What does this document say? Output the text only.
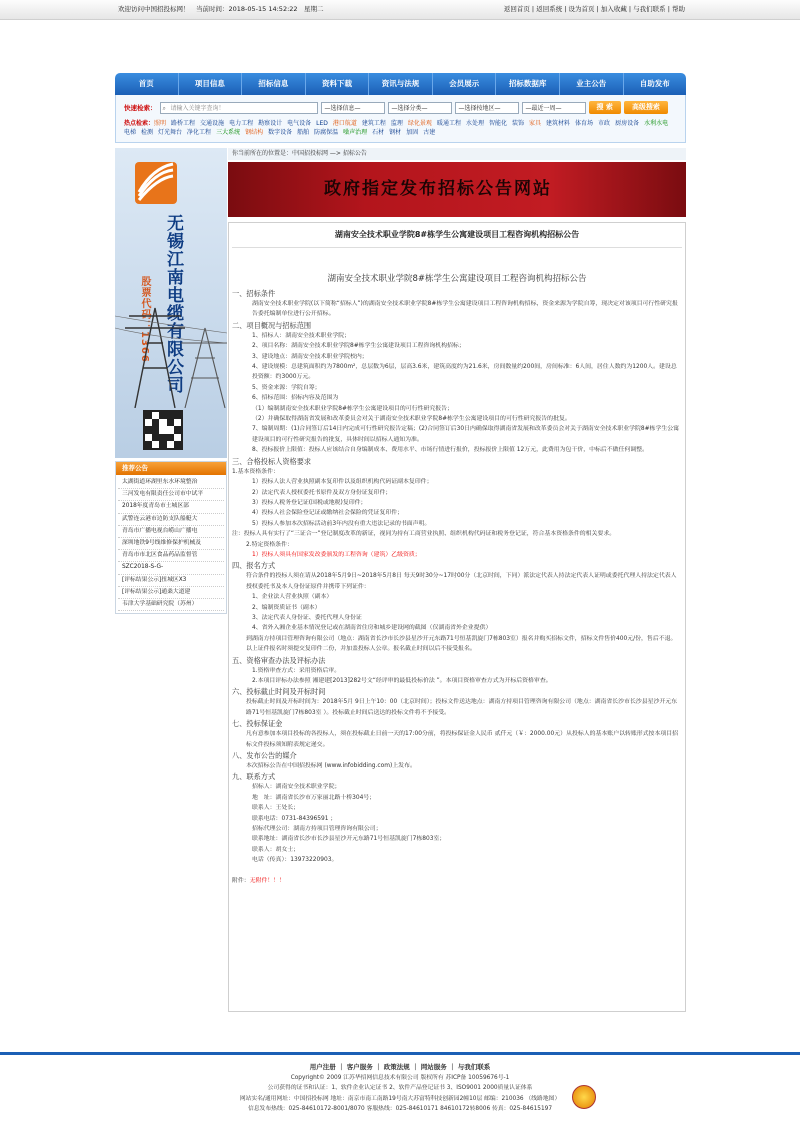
欢迎访问中国招投标网！　 当前时间：2018-05-15 14:52:22　 星期二	返回首页 | 返回系统 | 设为首页 | 加入收藏 | 与我们联系 | 帮助
首页	项目信息	招标信息	资料下载	资讯与法规	会员展示	招标数据库	业主公告	自助发布
快速检索： ⌕ 请输入关键字查询！	—选择信息—	—选择分类—	—选择按地区—	—最近一周—	搜 索	高级搜索
热点检索：照明 路桥工程 交通设施 电力工程 勘察设计 电气设备 LED 港口航道 建筑工程 监理 绿化景观 暖通工程 水处理 智能化 装饰 家具 建筑材料 体育场 市政 厨房设备 水利水电电梯 检测 灯光舞台 净化工程 三大系统 钢结构 数字设备 船舶 防腐保温 噪声治理 石材 钢材 加固 古建
无锡江南电缆有限公司
股票代码：1366
推荐公告
太湖街道环湖里东水环境整治
三河发电有限责任公司市中试平
2018年度青岛市土城区部
武警连云港市边防支队船艇大
青岛市广播电视台崂山广播电
深圳地铁9号线维修保护机械及
青岛市市北区食品药品监督管
SZC2018-S-G-
[评标结果公示]扭城区X3
[评标结果公示]通桑大道建
韦津大学基础研究院（苏州）
你当前所在的位置是：中国招投标网 —> 招标公告
政府指定发布招标公告网站
湖南安全技术职业学院8#栋学生公寓建设项目工程咨询机构招标公告
湖南安全技术职业学院8#栋学生公寓建设项目工程咨询机构招标公告
一、招标条件

湖南安全技术职业学院(以下简称“招标人”)的湖南安全技术职业学院8#栋学生公寓建设项目工程咨询机构招标，资金来源为学院自筹，现决定对该项目可行性研究报告委托编制单位进行公开招标。

二、项目概况与招标范围

1、招标人：湖南安全技术职业学院；

2、项目名称：湖南安全技术职业学院8#栋学生公寓建设项目工程咨询机构招标；

3、建设地点：湖南安全技术职业学院校内；

4、建设规模：总建筑面积约为7800m²，总层数为6层，层高3.6米，建筑高度约为21.6米，房间数量约200间，房间标准：6人间，居住人数约为1200人。建设总投资额：约3000万元。

5、资金来源：学院自筹；

6、招标范围：招标内容及范围为

（1）编制湖南安全技术职业学院8#栋学生公寓建设项目的可行性研究报告；

（2）并确保取得湖南省发展和改革委员会对关于湖南安全技术职业学院8#栋学生公寓建设项目的可行性研究报告的批复。

7、编制周期：(1)合同签订后14日内完成可行性研究报告定稿；(2)合同签订后30日内确保取得湖南省发展和改革委员会对关于湖南安全技术职业学院8#栋学生公寓建设项目的可行性研究报告的批复，具体时间以招标人通知为准。

8、投标报价上限值：投标人应该结合自身编制成本、费用水平、市场行情进行报价，投标报价上限值 12万元，此费用为包干价，中标后不做任何调整。

三、合格投标人资格要求

1.基本资格条件：

1）投标人法人营业执照副本复印件以及组织机构代码证副本复印件；

2）法定代表人授权委托书原件及双方身份证复印件；

3）投标人税务登记证(国税或地税)复印件；

4）投标人社会保险登记证或缴纳社会保险的凭证复印件；

5）投标人参加本次招标活动前3年内没有重大违法记录的书面声明。

注：投标人具有实行了“三证合一”登记制度改革的新证，视同为持有工商营业执照、组织机构代码证和税务登记证，符合基本资格条件的相关要求。

2.特定资格条件：

1）投标人须具有国家发改委颁发的工程咨询（建筑）乙级资质；

四、报名方式

符合条件的投标人须在请从2018年5月9日~2018年5月8日 每天9时30分~17时00分（北京时间，下同）派法定代表人持法定代表人证明或委托代理人持法定代表人授权委托书及本人身份证原件并携带下列证件：

1、企业法人营业执照（副本）

2、编制资质证书（副本）

3、法定代表人身份证、委托代理人身份证

4、省外入湘企业基本情况登记或在湖南省住房和城乡建设网的截图（仅湖南省外企业提供）

到湖南方持项目管理咨询有限公司（地点：湖南省长沙市长沙县星沙开元东路71号恒基凯旋门7栋803室）报名并购买招标文件，招标文件售价400元/份，售后不退。以上证件报名时须提交复印件二份，并加盖投标人公章。报名截止时间以后不接受报名。

五、资格审查办法及评标办法

1.资格审查方式：采用资格后审。

2.本项目评标办法参照 湘建建[2013]282号文“经评审的最低投标价法 ”。本项目资格审查方式为开标后资格审查。

六、投标截止时间及开标时间

投标截止时间及开标时间为：2018年5月 9日上午10：00（北京时间）；投标文件送达地点：湖南方持项目管理咨询有限公司（地点：湖南省长沙市长沙县星沙开元东路71号恒基凯旋门7栋803室 ）。投标截止时间后送达的投标文件将不予接受。

七、投标保证金

凡有意参加本项目投标的各投标人，须在投标截止日前一天的17:00分前，将投标保证金人民币 贰仟元（￥：2000.00元）从投标人的基本账户以转账形式按本项目招标文件投标须知附表规定递交。

八、发布公告的媒介

本次招标公告在中国招投标网 (www.infobidding.com)上发布。

九、联系方式

招标人：湖南安全技术职业学院；

地　址：湖南省长沙市万家丽北路十桥304号；

联系人：王处长；

联系电话：0731-84396591 ；

招标代理公司：湖南方持项目管理咨询有限公司；

联系地址：湖南省长沙市长沙县星沙开元东路71号恒基凯旋门7栋803室；

联系人：胡女士；

电话（传真）：13973220903。

附件：无附件！！！

用户注册 ｜ 客户服务 ｜ 政策法规 ｜ 网站服务 ｜ 与我们联系
Copyright© 2009 江苏华招网信息技术有限公司 版权所有 苏ICP备 10059676号-1
公司获得的证书和认证：1、软件企业认定证书 2、软件产品登记证书 3、ISO9001 2000质量认证体系
网站实名/通用网址：中国招投标网 地址：南京市南工南路19号南大苏富特科技创新园2幢10层 邮编：210036 （线路地图）
信息发布热线：025-84610172-8001/8070 客服热线：025-84610171 84610172转8006 传真：025-84615197
